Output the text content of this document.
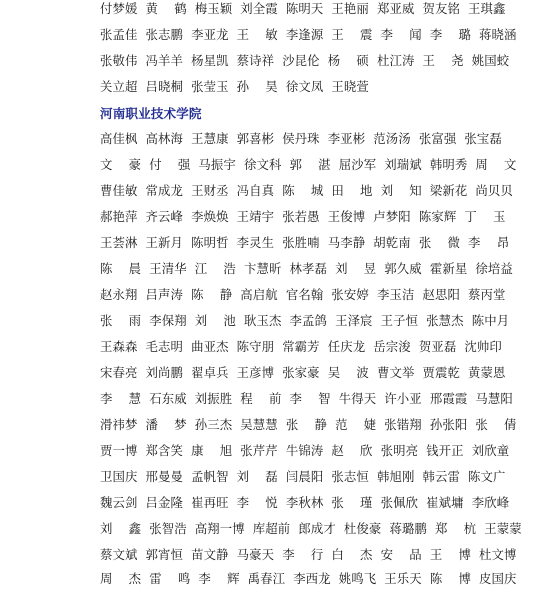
付梦媛  黄    鹤  梅玉颖  刘全霞  陈明天  王艳丽  郑亚威  贺友铭  王琪鑫
张孟佳  张志鹏  李亚龙  王    敏  李逢源  王    震  李    闻  李    璐  蒋晓涵
张敬伟  冯羊羊  杨星凯  蔡诗祥  沙昆伦  杨    硕  杜江涛  王    尧  姚国蛟
关立超  吕晓桐  张莹玉  孙    昊  徐文凤  王晓萱
河南职业技术学院
高佳枫  高林海  王慧康  郭喜彬  侯丹珠  李亚彬  范汤汤  张富强  张宝磊
文    豪  付    强  马振宇  徐文科  郭    湛  屈沙军  刘瑞斌  韩明秀  周    文
曹佳敏  常成龙  王财丞  冯自真  陈    城  田    地  刘    知  梁新花  尚贝贝
郝艳萍  齐云峰  李焕焕  王靖宇  张若愚  王俊博  卢梦阳  陈家辉  丁    玉
王荟淋  王新月  陈明哲  李灵生  张胜喃  马李静  胡乾南  张    微  李    昂
陈    晨  王清华  江    浩  卞慧昕  林孝磊  刘    昱  郭久威  霍新星  徐培益
赵永翔  吕声涛  陈    静  高启航  官名翰  张安婷  李玉洁  赵思阳  蔡丙堂
张    雨  李保翔  刘    池  耿玉杰  李孟鸽  王泽宸  王子恒  张慧杰  陈中月
王森森  毛志明  曲亚杰  陈守朋  常霸芳  任庆龙  岳宗浚  贺亚磊  沈帅印
宋春亮  刘尚鹏  翟卓兵  王彦博  张家豪  吴    波  曹文举  贾震乾  黄蒙恩
李    慧  石东威  刘振胜  程    前  李    智  牛得天  许小亚  邢霞霞  马慧阳
滑祎梦  潘    梦  孙三杰  吴慧慧  张    静  范    婕  张锴翔  孙张阳  张    倩
贾一博  郑含笑  康    旭  张芹芹  牛锦涛  赵    欣  张明亮  钱开正  刘欣童
卫国庆  邢曼曼  孟帆智  刘    磊  闫晨阳  张志恒  韩旭刚  韩云雷  陈文广
魏云剑  吕金隆  崔再旺  李    悦  李秋林  张    瑾  张佩欣  崔斌墉  李欣峰
刘    鑫  张智浩  高翔一博  库超前  郎成才  杜俊豪  蒋璐鹏  郑    杭  王蒙蒙
蔡文斌  郭宵恒  苗文静  马豪天  李    行  白    杰  安    品  王    博  杜文博
周    杰  雷    鸣  李    辉  禹春江  李西龙  姚鸣飞  王乐天  陈    博  皮国庆
